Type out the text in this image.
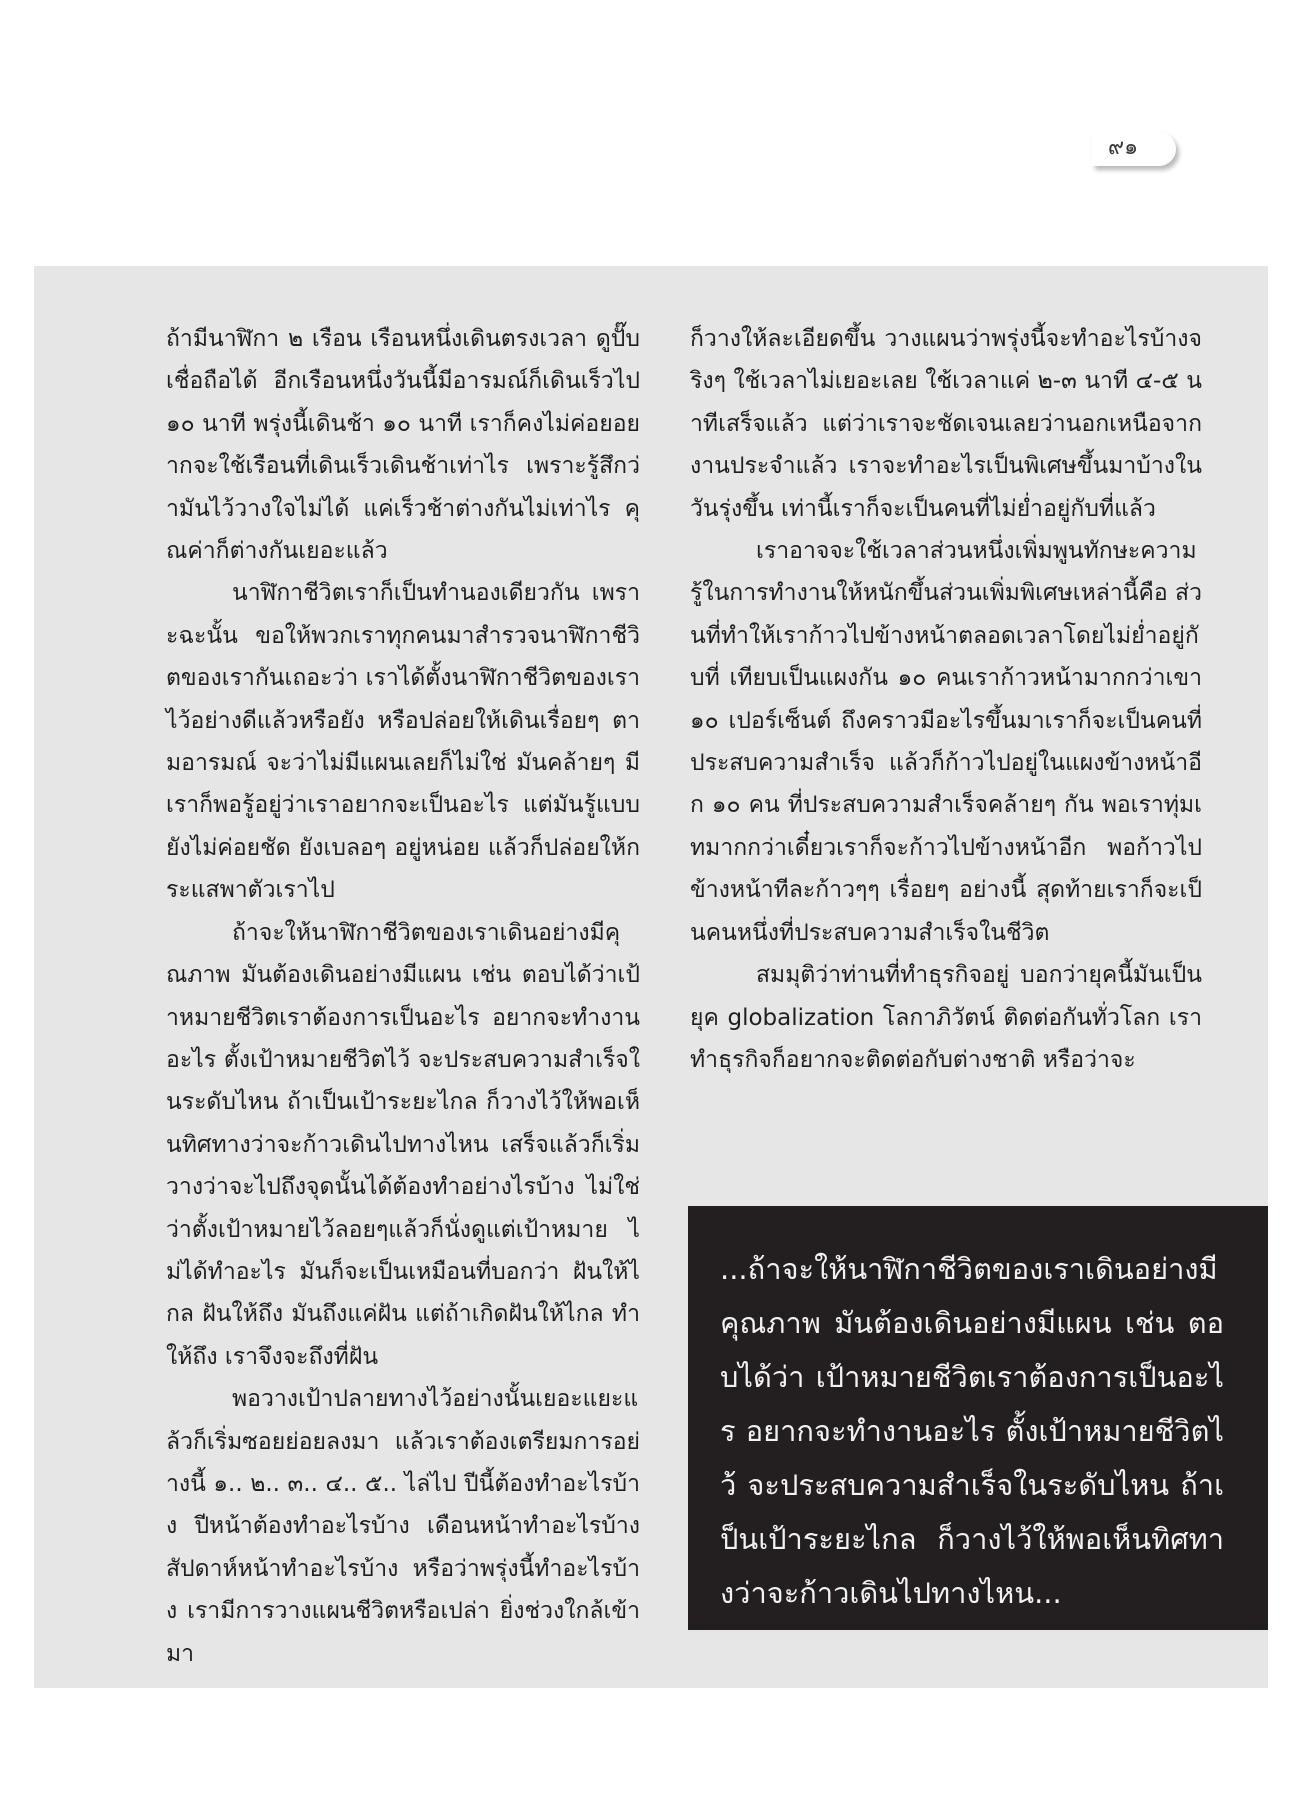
๙๑

ถ้ามีนาฬิกา ๒ เรือน เรือนหนึ่งเดินตรงเวลา ดูปั๊บเชื่อถือได้ อีกเรือนหนึ่งวันนี้มีอารมณ์ก็เดินเร็วไป ๑๐ นาที พรุ่งนี้เดินช้า ๑๐ นาที เราก็คงไม่ค่อยอยากจะใช้เรือนที่เดินเร็วเดินช้าเท่าไร เพราะรู้สึกว่ามันไว้วางใจไม่ได้ แค่เร็วช้าต่างกันไม่เท่าไร คุณค่าก็ต่างกันเยอะแล้ว

นาฬิกาชีวิตเราก็เป็นทำนองเดียวกัน เพราะฉะนั้น ขอให้พวกเราทุกคนมาสำรวจนาฬิกาชีวิตของเรากันเถอะว่า เราได้ตั้งนาฬิกาชีวิตของเราไว้อย่างดีแล้วหรือยัง หรือปล่อยให้เดินเรื่อยๆ ตามอารมณ์ จะว่าไม่มีแผนเลยก็ไม่ใช่ มันคล้ายๆ มี เราก็พอรู้อยู่ว่าเราอยากจะเป็นอะไร แต่มันรู้แบบยังไม่ค่อยชัด ยังเบลอๆ อยู่หน่อย แล้วก็ปล่อยให้กระแสพาตัวเราไป

ถ้าจะให้นาฬิกาชีวิตของเราเดินอย่างมีคุณภาพ มันต้องเดินอย่างมีแผน เช่น ตอบได้ว่าเป้าหมายชีวิตเราต้องการเป็นอะไร อยากจะทำงานอะไร ตั้งเป้าหมายชีวิตไว้ จะประสบความสำเร็จในระดับไหน ถ้าเป็นเป้าระยะไกล ก็วางไว้ให้พอเห็นทิศทางว่าจะก้าวเดินไปทางไหน เสร็จแล้วก็เริ่มวางว่าจะไปถึงจุดนั้นได้ต้องทำอย่างไรบ้าง ไม่ใช่ว่าตั้งเป้าหมายไว้ลอยๆแล้วก็นั่งดูแต่เป้าหมาย ไม่ได้ทำอะไร มันก็จะเป็นเหมือนที่บอกว่า ฝันให้ไกล ฝันให้ถึง มันถึงแค่ฝัน แต่ถ้าเกิดฝันให้ไกล ทำให้ถึง เราจึงจะถึงที่ฝัน

พอวางเป้าปลายทางไว้อย่างนั้นเยอะแยะแล้วก็เริ่มซอยย่อยลงมา แล้วเราต้องเตรียมการอย่างนี้ ๑.. ๒.. ๓.. ๔.. ๕.. ไล่ไป ปีนี้ต้องทำอะไรบ้าง ปีหน้าต้องทำอะไรบ้าง เดือนหน้าทำอะไรบ้าง สัปดาห์หน้าทำอะไรบ้าง หรือว่าพรุ่งนี้ทำอะไรบ้าง เรามีการวางแผนชีวิตหรือเปล่า ยิ่งช่วงใกล้เข้ามา

ก็วางให้ละเอียดขึ้น วางแผนว่าพรุ่งนี้จะทำอะไรบ้างจริงๆ ใช้เวลาไม่เยอะเลย ใช้เวลาแค่ ๒-๓ นาที ๔-๕ นาทีเสร็จแล้ว แต่ว่าเราจะชัดเจนเลยว่านอกเหนือจากงานประจำแล้ว เราจะทำอะไรเป็นพิเศษขึ้นมาบ้างในวันรุ่งขึ้น เท่านี้เราก็จะเป็นคนที่ไม่ย่ำอยู่กับที่แล้ว

เราอาจจะใช้เวลาส่วนหนึ่งเพิ่มพูนทักษะความรู้ในการทำงานให้หนักขึ้นส่วนเพิ่มพิเศษเหล่านี้คือ ส่วนที่ทำให้เราก้าวไปข้างหน้าตลอดเวลาโดยไม่ย่ำอยู่กับที่ เทียบเป็นแผงกัน ๑๐ คนเราก้าวหน้ามากกว่าเขา ๑๐ เปอร์เซ็นต์ ถึงคราวมีอะไรขึ้นมาเราก็จะเป็นคนที่ประสบความสำเร็จ แล้วก็ก้าวไปอยู่ในแผงข้างหน้าอีก ๑๐ คน ที่ประสบความสำเร็จคล้ายๆ กัน พอเราทุ่มเทมากกว่าเดี๋ยวเราก็จะก้าวไปข้างหน้าอีก พอก้าวไปข้างหน้าทีละก้าวๆๆ เรื่อยๆ อย่างนี้ สุดท้ายเราก็จะเป็นคนหนึ่งที่ประสบความสำเร็จในชีวิต

สมมุติว่าท่านที่ทำธุรกิจอยู่ บอกว่ายุคนี้มันเป็นยุค globalization โลกาภิวัตน์ ติดต่อกันทั่วโลก เราทำธุรกิจก็อยากจะติดต่อกับต่างชาติ หรือว่าจะ

...ถ้าจะให้นาฬิกาชีวิตของเราเดินอย่างมีคุณภาพ มันต้องเดินอย่างมีแผน เช่น ตอบได้ว่า เป้าหมายชีวิตเราต้องการเป็นอะไร อยากจะทำงานอะไร ตั้งเป้าหมายชีวิตไว้ จะประสบความสำเร็จในระดับไหน ถ้าเป็นเป้าระยะไกล ก็วางไว้ให้พอเห็นทิศทางว่าจะก้าวเดินไปทางไหน...
